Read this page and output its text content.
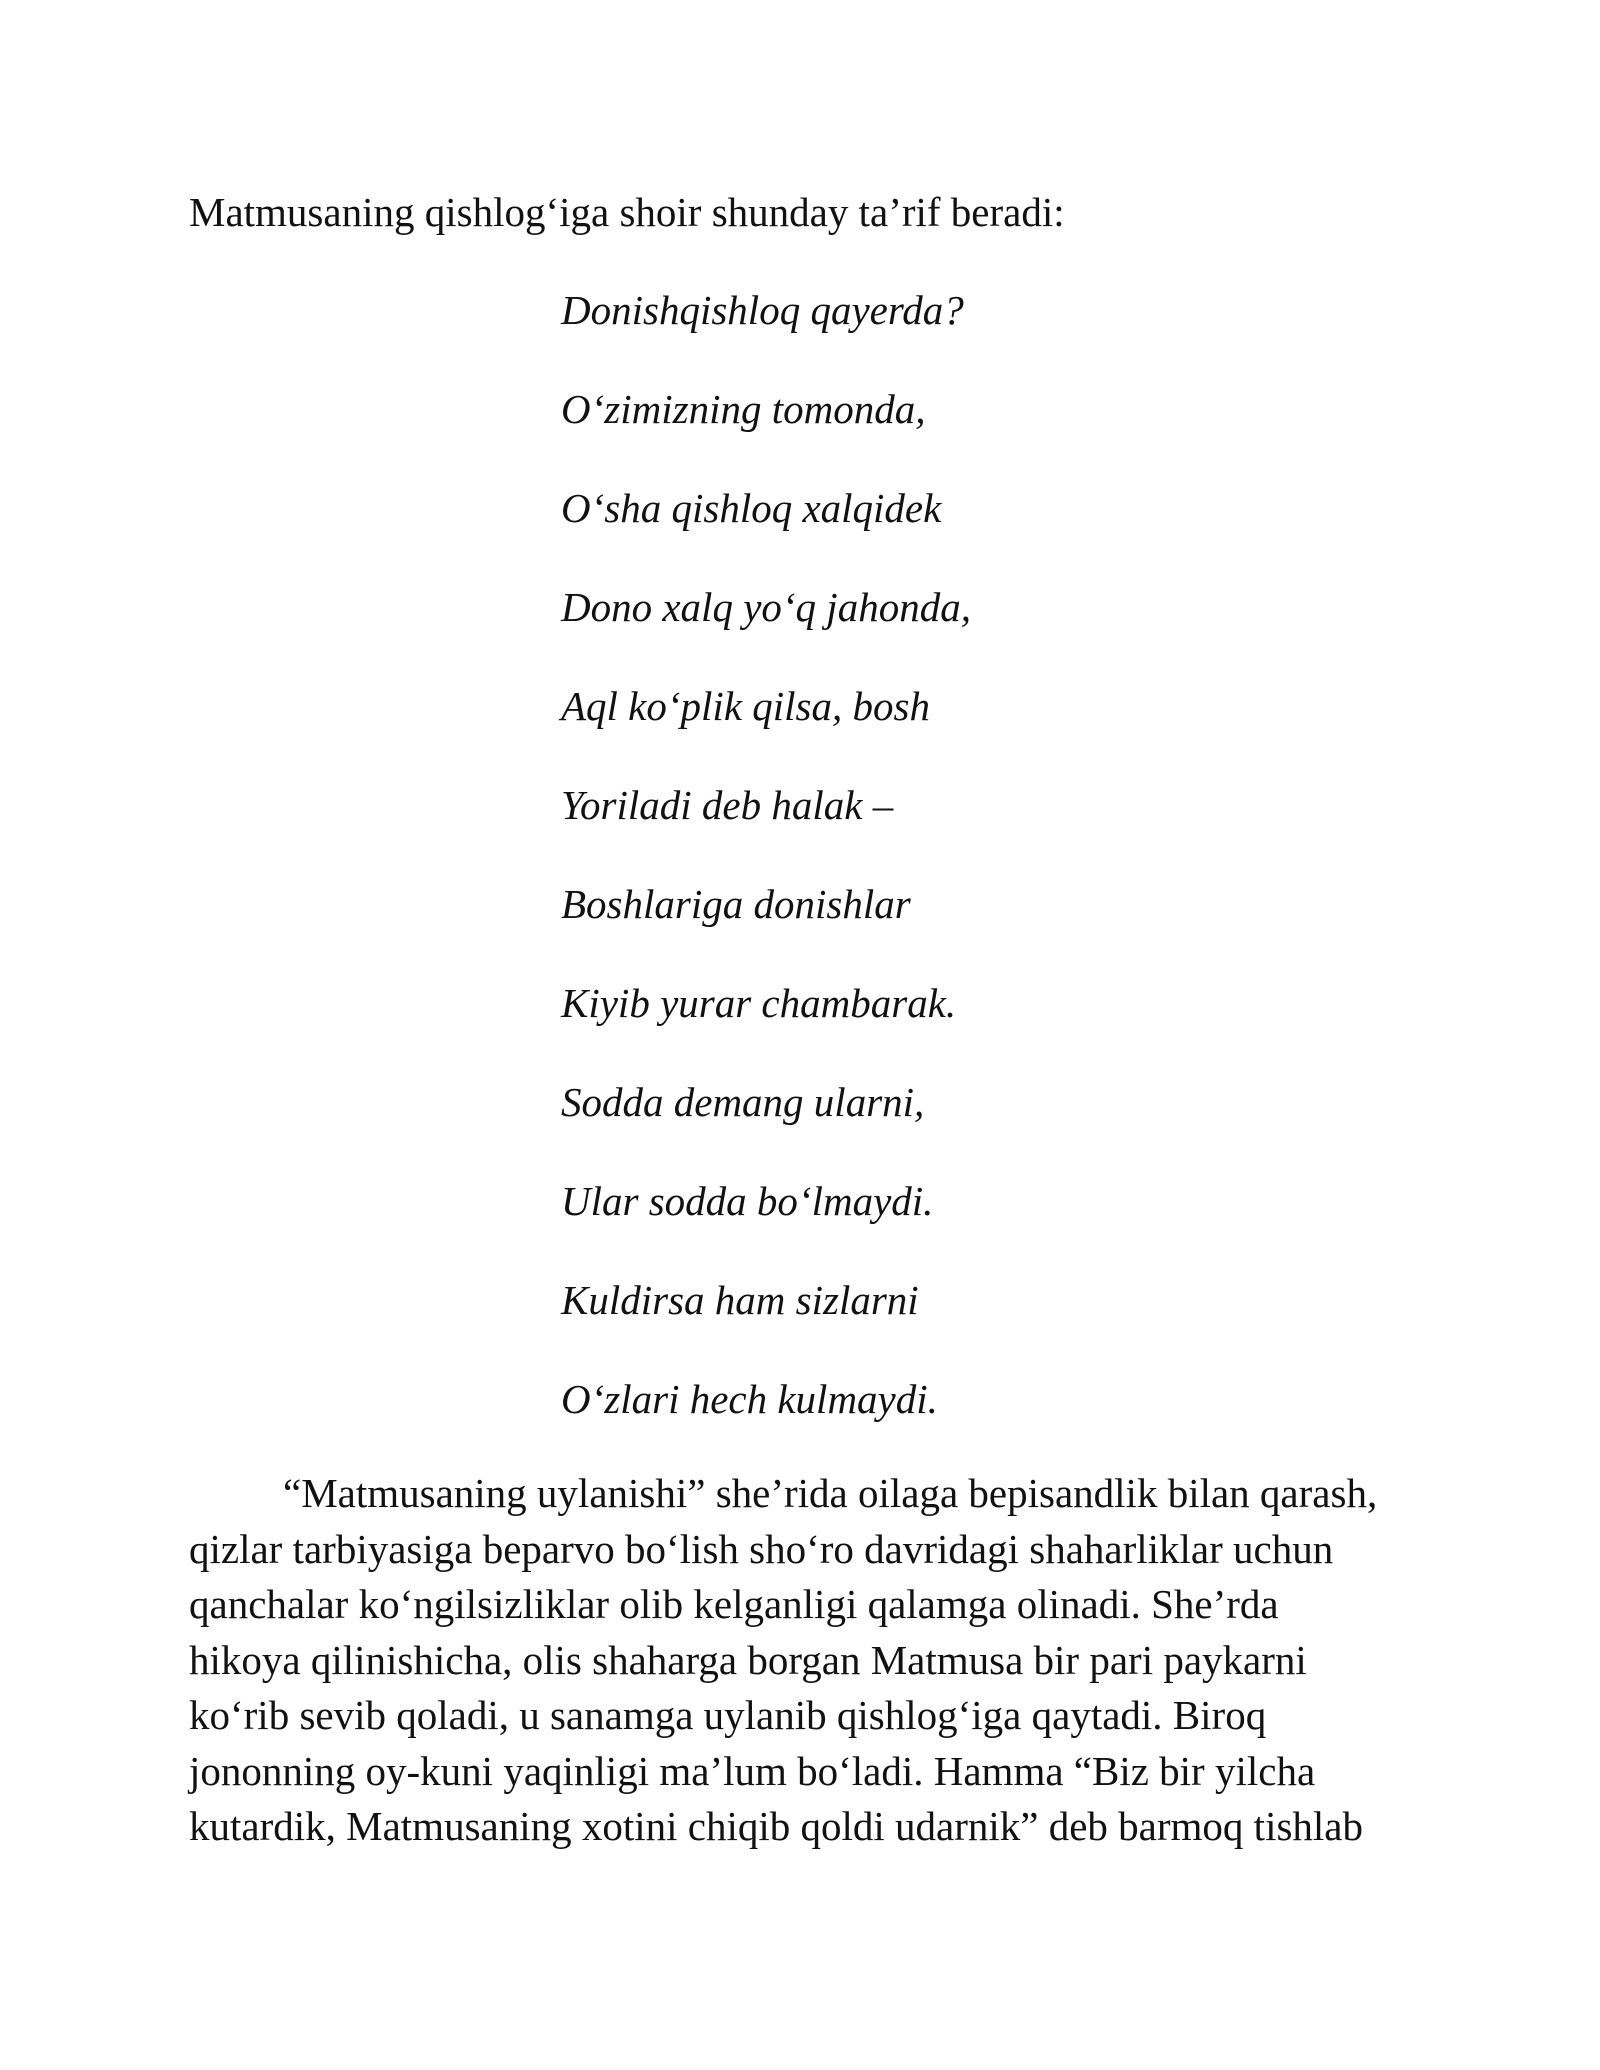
Matmusaning qishlog‘iga shoir shunday ta’rif beradi:

Donishqishloq qayerda?
O‘zimizning tomonda,
O‘sha qishloq xalqidek
Dono xalq yo‘q jahonda,
Aql ko‘plik qilsa, bosh
Yoriladi deb halak –
Boshlariga donishlar
Kiyib yurar chambarak.
Sodda demang ularni,
Ular sodda bo‘lmaydi.
Kuldirsa ham sizlarni
O‘zlari hech kulmaydi.
“Matmusaning uylanishi” she’rida oilaga bepisandlik bilan qarash,
qizlar tarbiyasiga beparvo bo‘lish sho‘ro davridagi shaharliklar uchun
qanchalar ko‘ngilsizliklar olib kelganligi qalamga olinadi. She’rda
hikoya qilinishicha, olis shaharga borgan Matmusa bir pari paykarni
ko‘rib sevib qoladi, u sanamga uylanib qishlog‘iga qaytadi. Biroq
jononning oy-kuni yaqinligi ma’lum bo‘ladi. Hamma “Biz bir yilcha
kutardik, Matmusaning xotini chiqib qoldi udarnik” deb barmoq tishlab
